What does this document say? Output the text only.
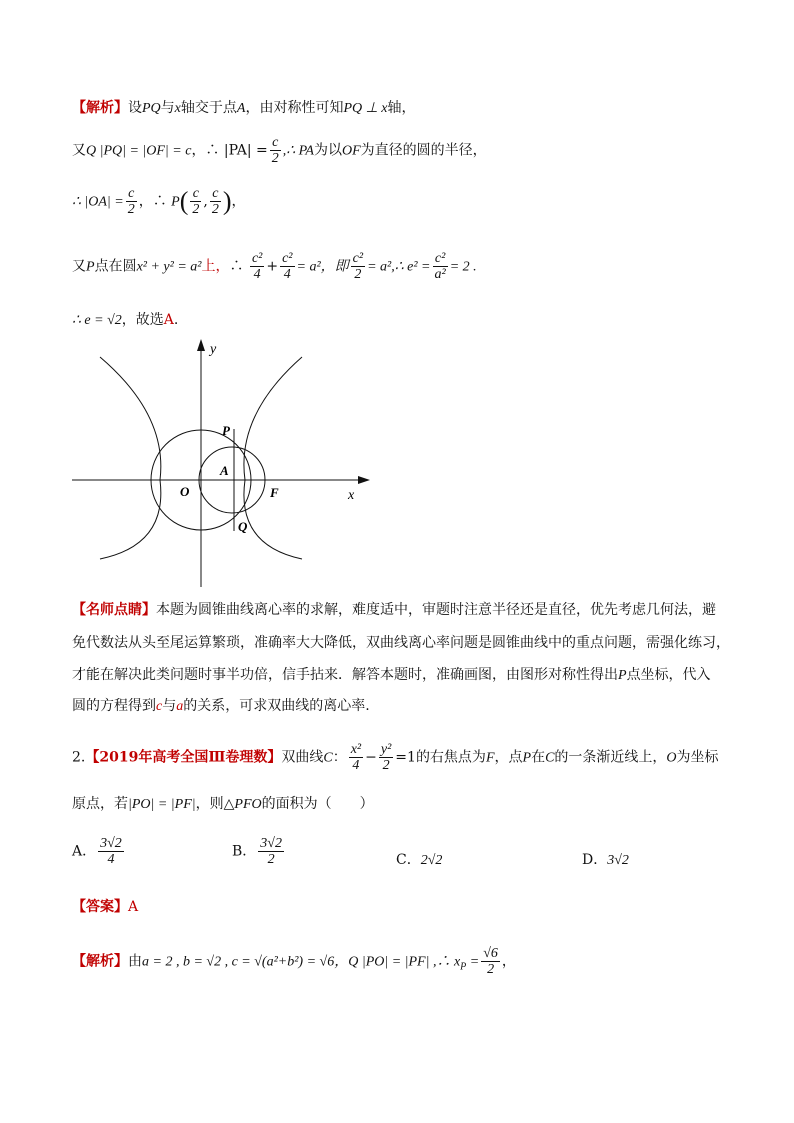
【解析】设PQ与x轴交于点A，由对称性可知PQ ⊥ x轴，
又Q |PQ| = |OF| = c，∴ $|PA| = \frac{c}{2}$ ,∴ PA为以OF为直径的圆的半径，
∴ $|OA| = \frac{c}{2}$ ，∴ $P( \frac{c}{2}$ , $\frac{c}{2}$ )，
又P点在圆x² + y² = a²上，∴ $\frac{\text{c²}}{4} + \frac{\text{c²}}{4} = a^2$，即 $\frac{\text{c²}}{2}$ = a²,∴ $e^2 = \frac{\text{c²}}{\text{a²}} = 2$ .
∴ e = √2，故选A.
y
x
O	F
P
Q
A
【名师点睛】本题为圆锥曲线离心率的求解，难度适中，审题时注意半径还是直径，优先考虑几何法，避
免代数法从头至尾运算繁琐，准确率大大降低，双曲线离心率问题是圆锥曲线中的重点问题，需强化练习，
才能在解决此类问题时事半功倍，信手拈来．解答本题时，准确画图，由图形对称性得出P点坐标，代入
圆的方程得到c与a的关系，可求双曲线的离心率.
2.【2019年高考全国Ⅲ卷理数】双曲线C： $\frac{\text{x²}}{4} - \frac{\text{y²}}{2} =1$的右焦点为F，点P在C的一条渐近线上，O为坐标
原点，若|PO| = |PF|，则△PFO的面积为（　　）
A． $\frac{3√2}{4}$	B． $\frac{3√2}{2}$	C．2√2	D．3√2
【答案】A
【解析】由a = 2 , b = √2 , c = √(a²+b²) = √6，Q |PO| = |PF| ,∴ $x_P = \frac{√6}{2}$ ，
